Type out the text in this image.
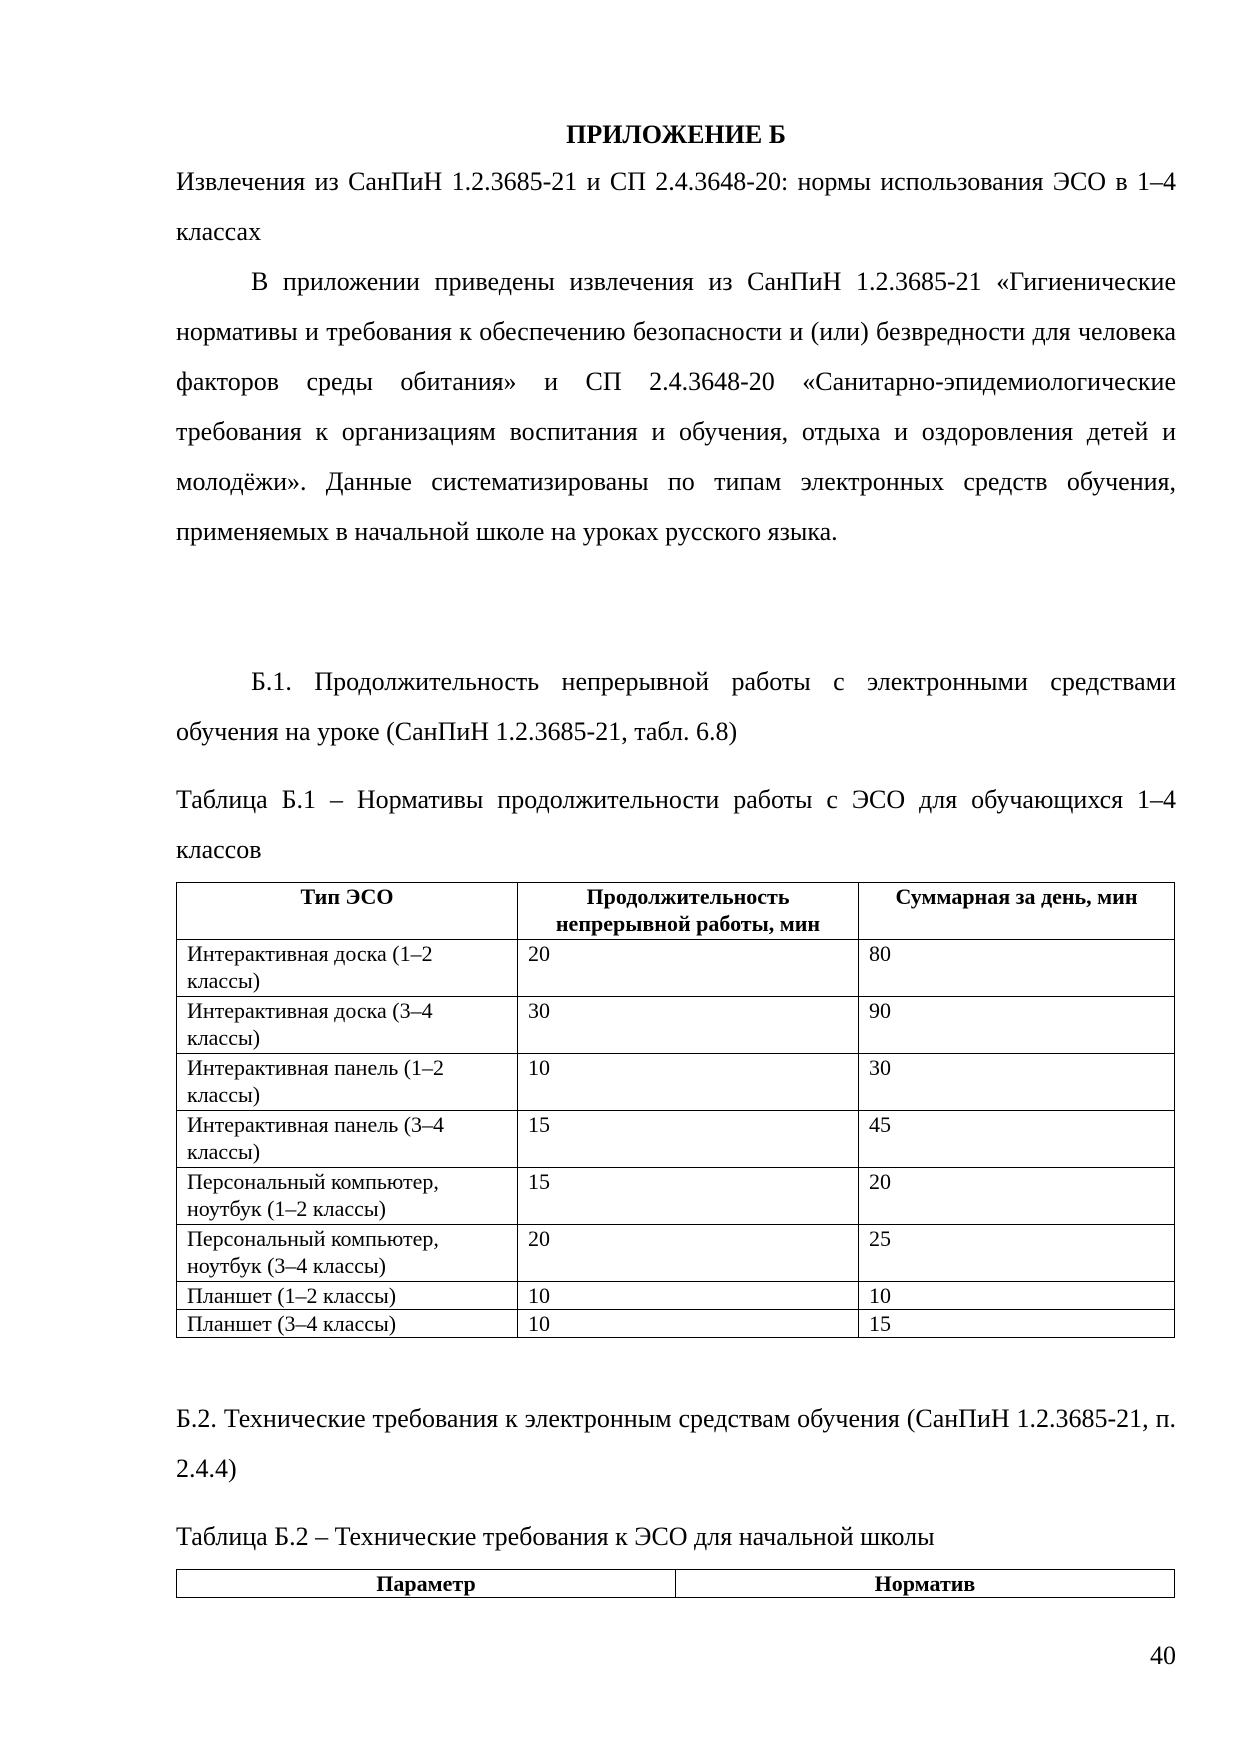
ПРИЛОЖЕНИЕ Б
Извлечения из СанПиН 1.2.3685-21 и СП 2.4.3648-20: нормы использования ЭСО в 1–4 классах
В приложении приведены извлечения из СанПиН 1.2.3685-21 «Гигиенические нормативы и требования к обеспечению безопасности и (или) безвредности для человека факторов среды обитания» и СП 2.4.3648-20 «Санитарно-эпидемиологические требования к организациям воспитания и обучения, отдыха и оздоровления детей и молодёжи». Данные систематизированы по типам электронных средств обучения, применяемых в начальной школе на уроках русского языка.
Б.1. Продолжительность непрерывной работы с электронными средствами обучения на уроке (СанПиН 1.2.3685-21, табл. 6.8)
Таблица Б.1 – Нормативы продолжительности работы с ЭСО для обучающихся 1–4 классов
Тип ЭСО	Продолжительность непрерывной работы, мин	Суммарная за день, мин
Интерактивная доска (1–2 классы)	20	80
Интерактивная доска (3–4 классы)	30	90
Интерактивная панель (1–2 классы)	10	30
Интерактивная панель (3–4 классы)	15	45
Персональный компьютер, ноутбук (1–2 классы)	15	20
Персональный компьютер, ноутбук (3–4 классы)	20	25
Планшет (1–2 классы)	10	10
Планшет (3–4 классы)	10	15
Б.2. Технические требования к электронным средствам обучения (СанПиН 1.2.3685-21, п. 2.4.4)
Таблица Б.2 – Технические требования к ЭСО для начальной школы
Параметр	Норматив
40
